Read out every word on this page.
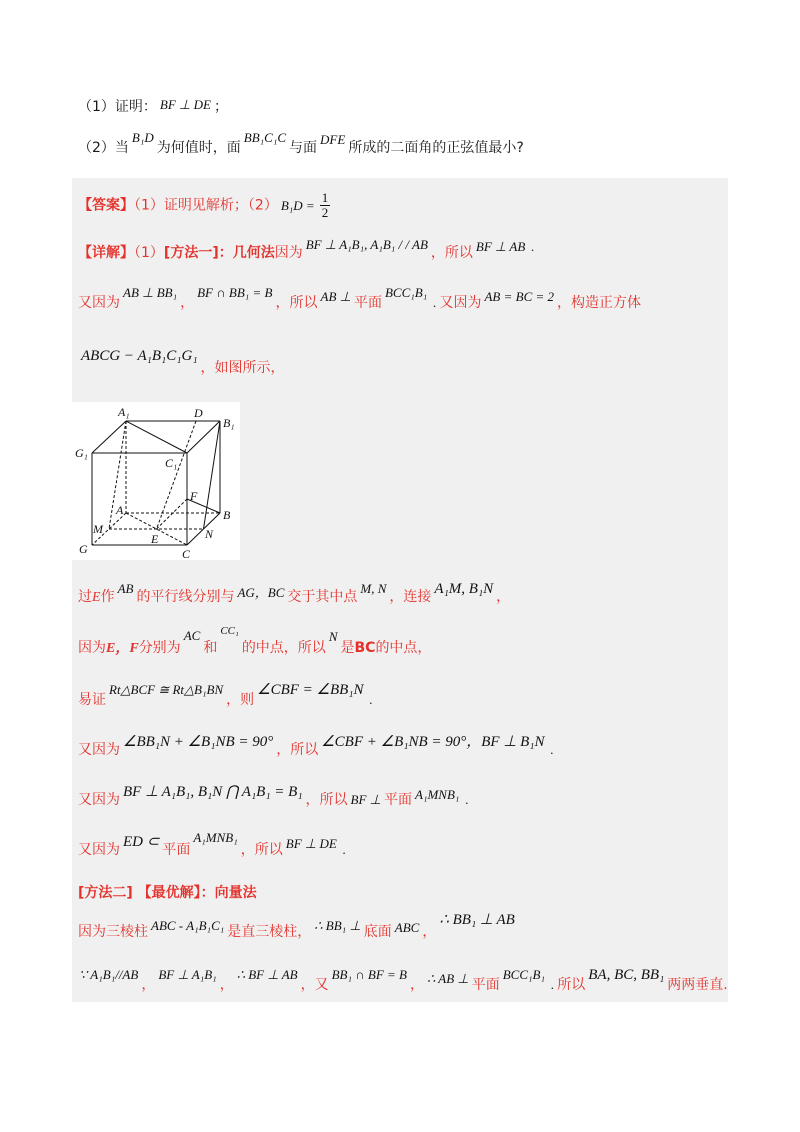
（1）证明： BF ⊥ DE ；
（2）当B₁D为何值时，面BB₁C₁C与面DFE所成的二面角的正弦值最小?
【答案】（1）证明见解析；（2） $B_1D = \frac{1}{2}$
【详解】（1）[方法一]：几何法因为BF ⊥ A₁B₁, A₁B₁ / / AB，所以 BF ⊥ AB .
又因为AB ⊥ BB₁，BF ∩ BB₁ = B，所以 AB ⊥ 平面BCC₁B₁. 又因为 AB = BC = 2 ，构造正方体
ABCG − A₁B₁C₁G₁，如图所示，
A₁	D
B₁
G₁
C₁
F
A	B
M
E	N
G	C
过E作AB的平行线分别与 AG，BC 交于其中点M, N，连接 A₁M, B₁N ，
因为E，F分别为AC和$^{CC_1}$的中点，所以N是BC的中点，
易证Rt△BCF ≅ Rt△B₁BN，则∠CBF = ∠BB₁N.
又因为 ∠BB₁N + ∠B₁NB = 90° ，所以 ∠CBF + ∠B₁NB = 90°，BF ⊥ B₁N .
又因为 BF ⊥ A₁B₁, B₁N ⋂ A₁B₁ = B₁ ，所以 BF ⊥ 平面 A₁MNB₁ .
又因为 ED ⊂ 平面A₁MNB₁，所以 BF ⊥ DE .
[方法二] 【最优解】：向量法
因为三棱柱 ABC - A₁B₁C₁ 是直三棱柱， ∴ BB₁ ⊥ 底面 ABC ，∴ BB₁ ⊥ AB
∵ A₁B₁//AB，BF ⊥ A₁B₁，∴ BF ⊥ AB，又BB₁ ∩ BF = B， ∴ AB ⊥ 平面BCC₁B₁. 所以BA, BC, BB₁两两垂直.
